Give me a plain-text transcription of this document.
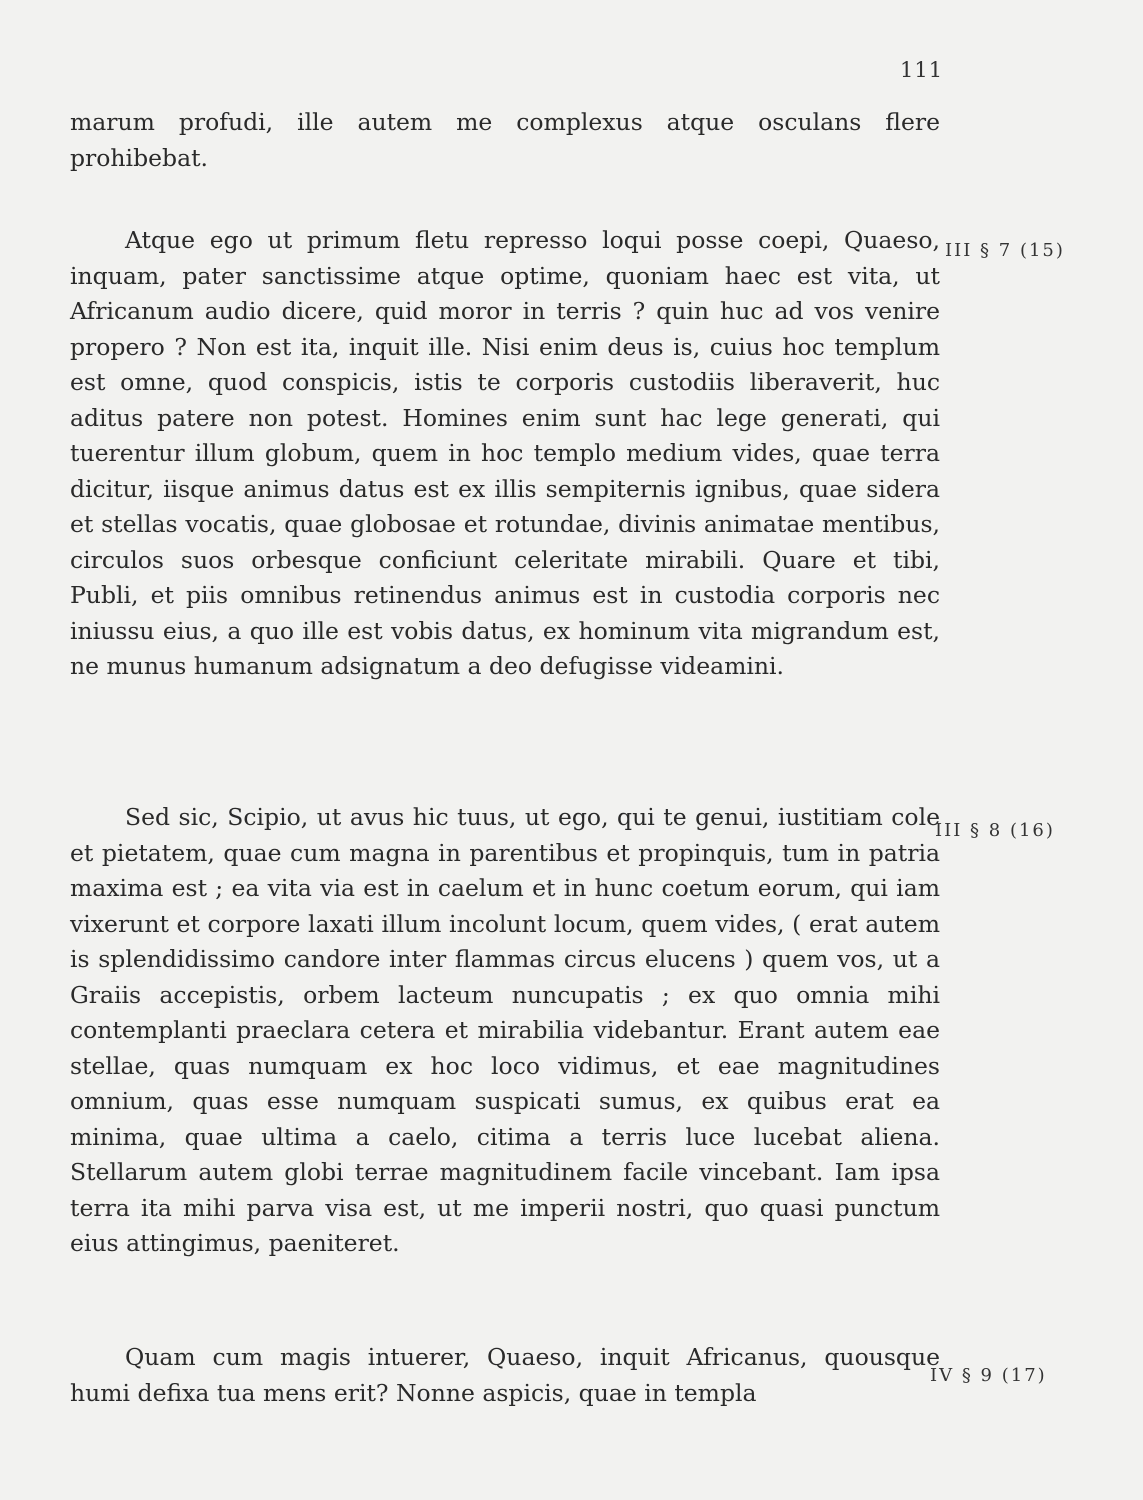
111
marum profudi, ille autem me complexus atque osculans flere prohibebat.
Atque ego ut primum fletu represso loqui posse coepi, Quaeso, inquam, pater sanctissime atque optime, quoniam haec est vita, ut Africanum audio dicere, quid moror in terris ? quin huc ad vos venire propero ? Non est ita, inquit ille. Nisi enim deus is, cuius hoc templum est omne, quod conspicis, istis te corporis custodiis liberaverit, huc aditus patere non potest. Homines enim sunt hac lege generati, qui tuerentur illum globum, quem in hoc templo medium vides, quae terra dicitur, iisque animus datus est ex illis sempiternis ignibus, quae sidera et stellas vocatis, quae globosae et rotundae, divinis animatae mentibus, circulos suos orbesque conficiunt celeritate mirabili. Quare et tibi, Publi, et piis omnibus retinendus animus est in custodia corporis nec iniussu eius, a quo ille est vobis datus, ex hominum vita migrandum est, ne munus humanum adsignatum a deo defugisse videamini.
III § 7 (15)
Sed sic, Scipio, ut avus hic tuus, ut ego, qui te genui, iustitiam cole et pietatem, quae cum magna in parentibus et propinquis, tum in patria maxima est ; ea vita via est in caelum et in hunc coetum eorum, qui iam vixerunt et corpore laxati illum incolunt locum, quem vides, ( erat autem is splendidissimo candore inter flammas circus elucens ) quem vos, ut a Graiis accepistis, orbem lacteum nuncupatis ; ex quo omnia mihi contemplanti praeclara cetera et mirabilia videbantur. Erant autem eae stellae, quas numquam ex hoc loco vidimus, et eae magnitudines omnium, quas esse numquam suspicati sumus, ex quibus erat ea minima, quae ultima a caelo, citima a terris luce lucebat aliena. Stellarum autem globi terrae magnitudinem facile vincebant. Iam ipsa terra ita mihi parva visa est, ut me imperii nostri, quo quasi punctum eius attingimus, paeniteret.
III § 8 (16)
Quam cum magis intuerer, Quaeso, inquit Africanus, quousque humi defixa tua mens erit? Nonne aspicis, quae in templa
IV § 9 (17)
